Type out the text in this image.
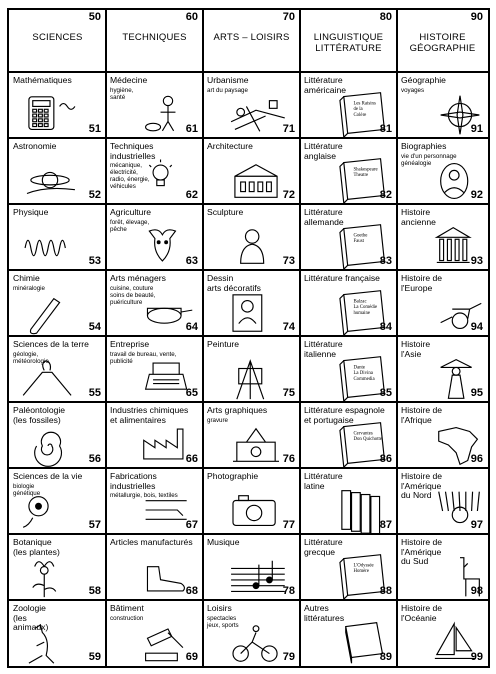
50
SCIENCES
60
TECHNIQUES
70
ARTS – LOISIRS
80
LINGUISTIQUE
LITTÉRATURE
90
HISTOIRE
GÉOGRAPHIE
Mathématiques
51
Médecine
hygiène,
santé
61
Urbanisme
art du paysage
71
Les Raisins de la Colère
Littérature
américaine
81
Géographie
voyages
91
Astronomie
52
Techniques
industrielles
mécanique,
électricité,
radio, énergie,
véhicules
62
Architecture
72
Shakespeare Theatre
Littérature
anglaise
82
Biographies
vie d'un personnage
généalogie
92
Physique
53
Agriculture
forêt, élevage,
pêche
63
Sculpture
73
Goethe Faust
Littérature
allemande
83
Histoire
ancienne
93
Chimie
minéralogie
54
Arts ménagers
cuisine, couture
soins de beauté,
puériculture
64
Dessin
arts décoratifs
74
Balzac La Comédie humaine
Littérature française
84
Histoire de
l'Europe
94
Sciences de la terre
géologie,
météorologie
55
Entreprise
travail de bureau, vente,
publicité
65
Peinture
75
Dante La Divina Commedia
Littérature
italienne
85
Histoire
l'Asie
95
Paléontologie
(les fossiles)
56
Industries chimiques
et alimentaires
66
Arts graphiques
gravure
76
Cervantes Don Quichotte
Littérature espagnole
et portugaise
86
Histoire de
l'Afrique
96
Sciences de la vie
biologie
génétique
57
Fabrications
industrielles
métallurgie, bois, textiles
67
Photographie
77
Littérature
latine
87
Histoire de
l'Amérique
du Nord
97
Botanique
(les plantes)
58
Articles manufacturés
68
Musique
78
L'Odyssée Homère
Littérature
grecque
88
Histoire de
l'Amérique
du Sud
98
Zoologie
(les
animaux)
59
Bâtiment
construction
69
Loisirs
spectacles
jeux, sports
79
Autres
littératures
89
Histoire de
l'Océanie
99
